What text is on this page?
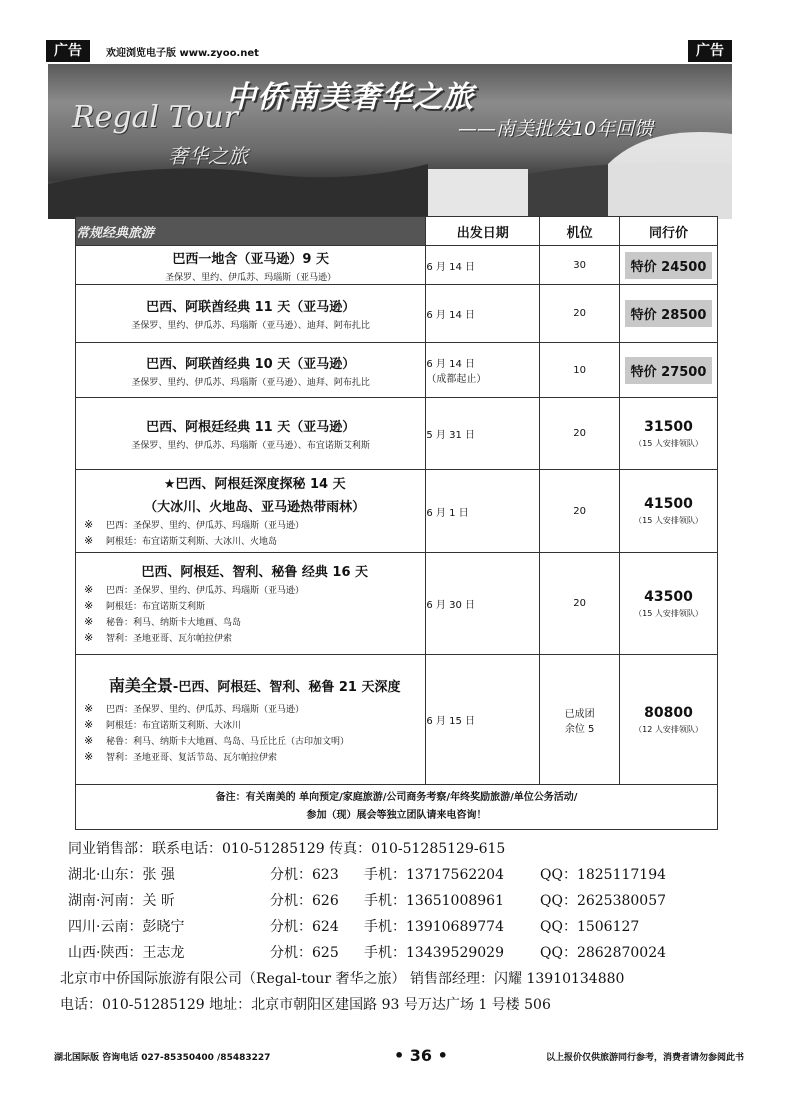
广告	欢迎浏览电子版 www.zyoo.net	广告
中侨南美奢华之旅
——南美批发10年回馈
Regal Tour
奢华之旅
常规经典旅游	出发日期	机位	同行价

巴西一地含（亚马逊）9 天
圣保罗、里约、伊瓜苏、玛瑙斯（亚马逊）	6 月 14 日	30	特价 24500

巴西、阿联酋经典 11 天（亚马逊）
圣保罗、里约、伊瓜苏、玛瑙斯（亚马逊）、迪拜、阿布扎比	6 月 14 日	20	特价 28500

巴西、阿联酋经典 10 天（亚马逊）
圣保罗、里约、伊瓜苏、玛瑙斯（亚马逊）、迪拜、阿布扎比	6 月 14 日
（成都起止）	10	特价 27500

巴西、阿根廷经典 11 天（亚马逊）
圣保罗、里约、伊瓜苏、玛瑙斯（亚马逊）、布宜诺斯艾利斯	5 月 31 日	20	31500
（15 人安排领队）

★巴西、阿根廷深度探秘 14 天
（大冰川、火地岛、亚马逊热带雨林）
※ 巴西：圣保罗、里约、伊瓜苏、玛瑙斯（亚马逊）
※ 阿根廷：布宜诺斯艾利斯、大冰川、火地岛	6 月 1 日	20	41500
（15 人安排领队）

巴西、阿根廷、智利、秘鲁 经典 16 天
※ 巴西：圣保罗、里约、伊瓜苏、玛瑙斯（亚马逊）
※ 阿根廷：布宜诺斯艾利斯
※ 秘鲁：利马、纳斯卡大地画、鸟岛
※ 智利：圣地亚哥、瓦尔帕拉伊索	6 月 30 日	20	43500
（15 人安排领队）

南美全景-巴西、阿根廷、智利、秘鲁 21 天深度
※ 巴西：圣保罗、里约、伊瓜苏、玛瑙斯（亚马逊）
※ 阿根廷：布宜诺斯艾利斯、大冰川
※ 秘鲁：利马、纳斯卡大地画、鸟岛、马丘比丘（古印加文明）
※ 智利：圣地亚哥、复活节岛、瓦尔帕拉伊索	6 月 15 日	已成团
余位 5	80800
（12 人安排领队）

备注：有关南美的 单向预定/家庭旅游/公司商务考察/年终奖励旅游/单位公务活动/
参加（现）展会等独立团队请来电咨询！			
同业销售部：联系电话：010-51285129 传真：010-51285129-615
湖北·山东：张 强	分机：623 手机：13717562204	QQ：1825117194
湖南·河南：关 昕	分机：626 手机：13651008961	QQ：2625380057
四川·云南：彭晓宁	分机：624 手机：13910689774	QQ：1506127
山西·陕西：王志龙	分机：625 手机：13439529029	QQ：2862870024
北京市中侨国际旅游有限公司（Regal-tour 奢华之旅） 销售部经理：闪耀 13910134880
电话：010-51285129 地址：北京市朝阳区建国路 93 号万达广场 1 号楼 506
湖北国际版 咨询电话 027-85350400 /85483227	• 36 •	以上报价仅供旅游同行参考，消费者请勿参阅此书
